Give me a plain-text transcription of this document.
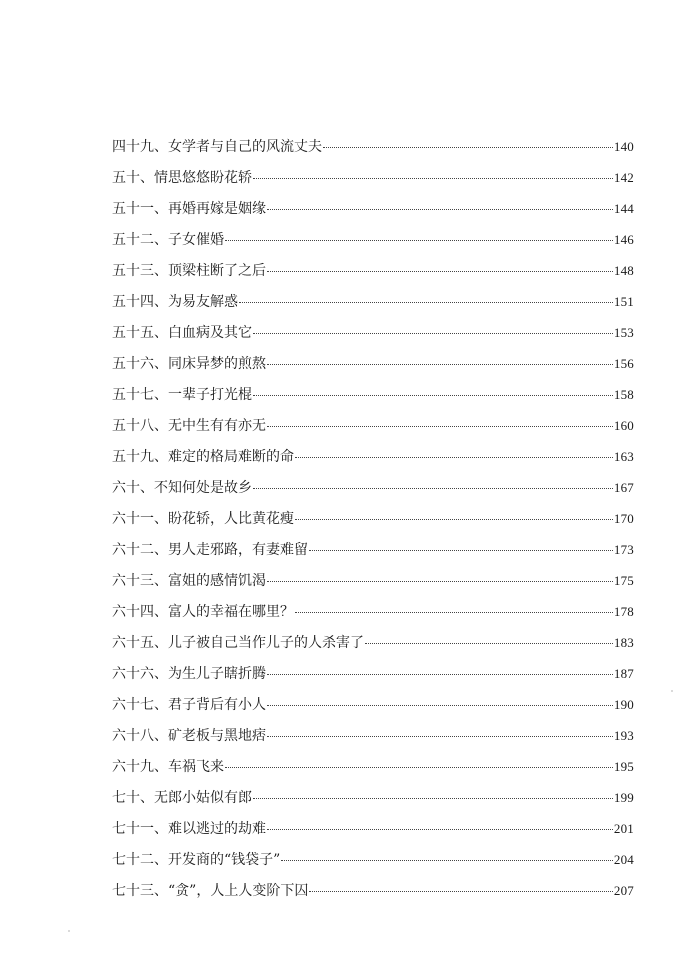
四十九、女学者与自己的风流丈夫	140
五十、情思悠悠盼花轿	142
五十一、再婚再嫁是姻缘	144
五十二、子女催婚	146
五十三、顶梁柱断了之后	148
五十四、为易友解惑	151
五十五、白血病及其它	153
五十六、同床异梦的煎熬	156
五十七、一辈子打光棍	158
五十八、无中生有有亦无	160
五十九、难定的格局难断的命	163
六十、不知何处是故乡	167
六十一、盼花轿，人比黄花瘦	170
六十二、男人走邪路，有妻难留	173
六十三、富姐的感情饥渴	175
六十四、富人的幸福在哪里？	178
六十五、儿子被自己当作儿子的人杀害了	183
六十六、为生儿子瞎折腾	187
六十七、君子背后有小人	190
六十八、矿老板与黑地痞	193
六十九、车祸飞来	195
七十、无郎小姑似有郎	199
七十一、难以逃过的劫难	201
七十二、开发商的“钱袋子”	204
七十三、“贪”，人上人变阶下囚	207
